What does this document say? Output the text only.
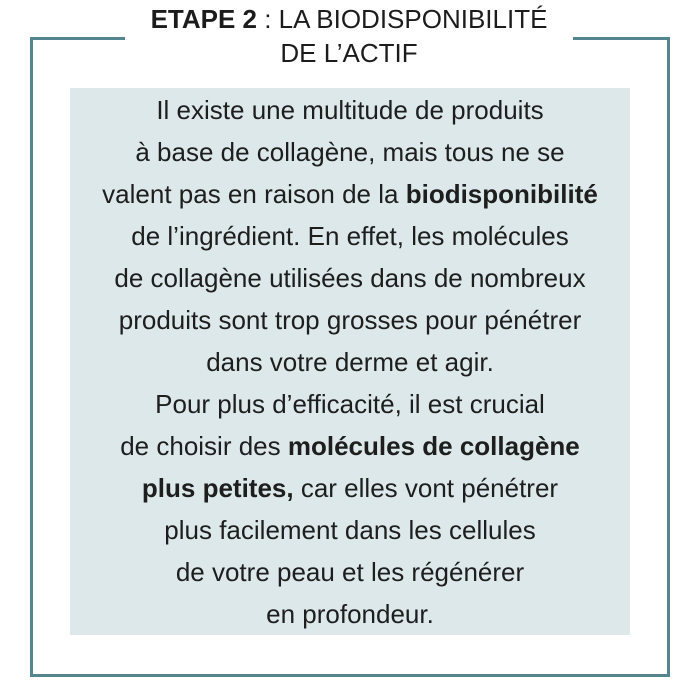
ETAPE 2 : LA BIODISPONIBILITÉ
DE L’ACTIF
Il existe une multitude de produits
à base de collagène, mais tous ne se
valent pas en raison de la biodisponibilité
de l’ingrédient. En effet, les molécules
de collagène utilisées dans de nombreux
produits sont trop grosses pour pénétrer
dans votre derme et agir.
Pour plus d’efficacité, il est crucial
de choisir des molécules de collagène
plus petites, car elles vont pénétrer
plus facilement dans les cellules
de votre peau et les régénérer
en profondeur.
